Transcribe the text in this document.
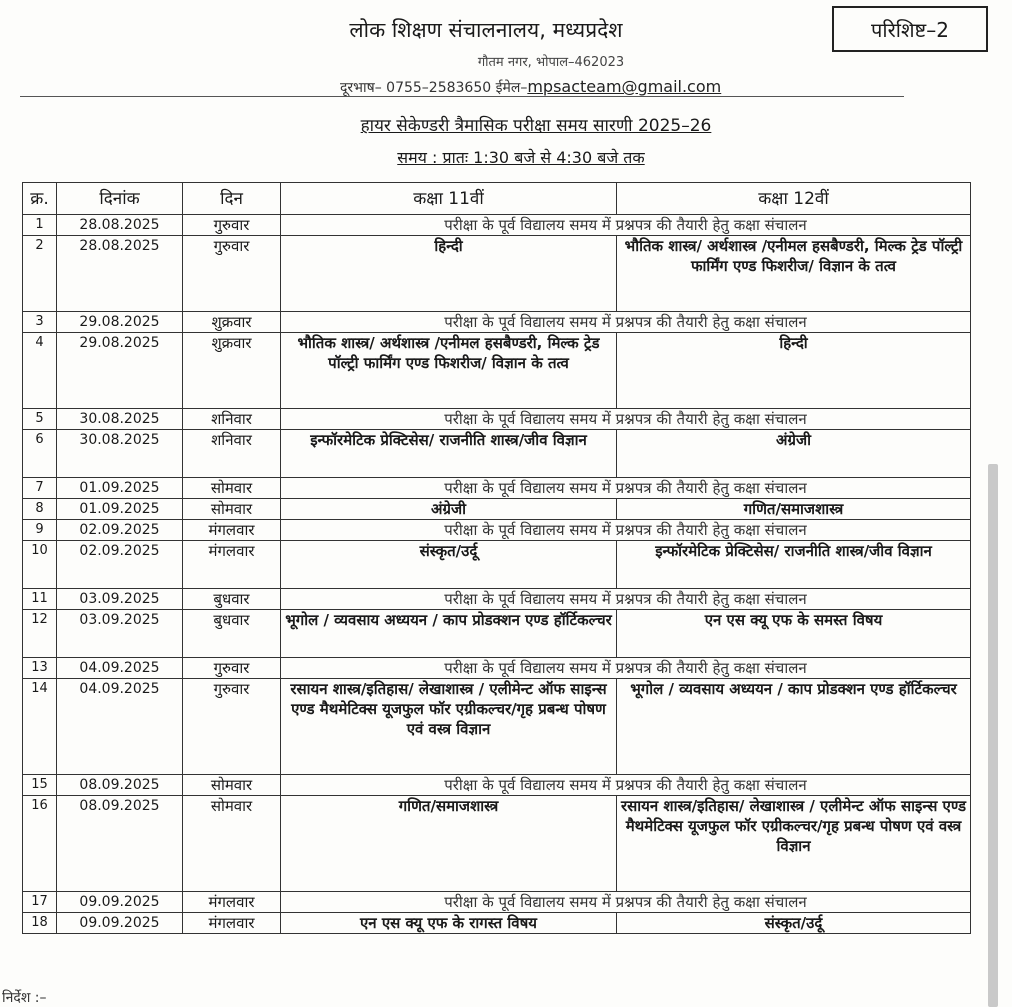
परिशिष्ट–2
लोक शिक्षण संचालनालय, मध्यप्रदेश
गौतम नगर, भोपाल–462023
दूरभाष– 0755–2583650 ईमेल–mpsacteam@gmail.com
हायर सेकेण्डरी त्रैमासिक परीक्षा समय सारणी 2025–26
समय : प्रातः 1:30 बजे से 4:30 बजे तक
क्र.	दिनांक	दिन	कक्षा 11वीं	कक्षा 12वीं
1	28.08.2025	गुरुवार	परीक्षा के पूर्व विद्यालय समय में प्रश्नपत्र की तैयारी हेतु कक्षा संचालन	
2	28.08.2025	गुरुवार	हिन्दी	भौतिक शास्त्र/ अर्थशास्त्र /एनीमल हसबैण्डरी, मिल्क ट्रेड पॉल्ट्री फार्मिंग एण्ड फिशरीज/ विज्ञान के तत्व
3	29.08.2025	शुक्रवार	परीक्षा के पूर्व विद्यालय समय में प्रश्नपत्र की तैयारी हेतु कक्षा संचालन	
4	29.08.2025	शुक्रवार	भौतिक शास्त्र/ अर्थशास्त्र /एनीमल हसबैण्डरी, मिल्क ट्रेड पॉल्ट्री फार्मिंग एण्ड फिशरीज/ विज्ञान के तत्व	हिन्दी
5	30.08.2025	शनिवार	परीक्षा के पूर्व विद्यालय समय में प्रश्नपत्र की तैयारी हेतु कक्षा संचालन	
6	30.08.2025	शनिवार	इन्फॉरमेटिक प्रेक्टिसेस/ राजनीति शास्त्र/जीव विज्ञान	अंग्रेजी
7	01.09.2025	सोमवार	परीक्षा के पूर्व विद्यालय समय में प्रश्नपत्र की तैयारी हेतु कक्षा संचालन	
8	01.09.2025	सोमवार	अंग्रेजी	गणित/समाजशास्त्र
9	02.09.2025	मंगलवार	परीक्षा के पूर्व विद्यालय समय में प्रश्नपत्र की तैयारी हेतु कक्षा संचालन	
10	02.09.2025	मंगलवार	संस्कृत/उर्दू	इन्फॉरमेटिक प्रेक्टिसेस/ राजनीति शास्त्र/जीव विज्ञान
11	03.09.2025	बुधवार	परीक्षा के पूर्व विद्यालय समय में प्रश्नपत्र की तैयारी हेतु कक्षा संचालन	
12	03.09.2025	बुधवार	भूगोल / व्यवसाय अध्ययन / काप प्रोडक्शन एण्ड हॉर्टिकल्चर	एन एस क्यू एफ के समस्त विषय
13	04.09.2025	गुरुवार	परीक्षा के पूर्व विद्यालय समय में प्रश्नपत्र की तैयारी हेतु कक्षा संचालन	
14	04.09.2025	गुरुवार	रसायन शास्त्र/इतिहास/ लेखाशास्त्र / एलीमेन्ट ऑफ साइन्स एण्ड मैथमेटिक्स यूजफुल फॉर एग्रीकल्चर/गृह प्रबन्ध पोषण एवं वस्त्र विज्ञान	भूगोल / व्यवसाय अध्ययन / काप प्रोडक्शन एण्ड हॉर्टिकल्चर
15	08.09.2025	सोमवार	परीक्षा के पूर्व विद्यालय समय में प्रश्नपत्र की तैयारी हेतु कक्षा संचालन	
16	08.09.2025	सोमवार	गणित/समाजशास्त्र	रसायन शास्त्र/इतिहास/ लेखाशास्त्र / एलीमेन्ट ऑफ साइन्स एण्ड मैथमेटिक्स यूजफुल फॉर एग्रीकल्चर/गृह प्रबन्ध पोषण एवं वस्त्र विज्ञान
17	09.09.2025	मंगलवार	परीक्षा के पूर्व विद्यालय समय में प्रश्नपत्र की तैयारी हेतु कक्षा संचालन	
18	09.09.2025	मंगलवार	एन एस क्यू एफ के रागस्त विषय	संस्कृत/उर्दू
निर्देश :–
